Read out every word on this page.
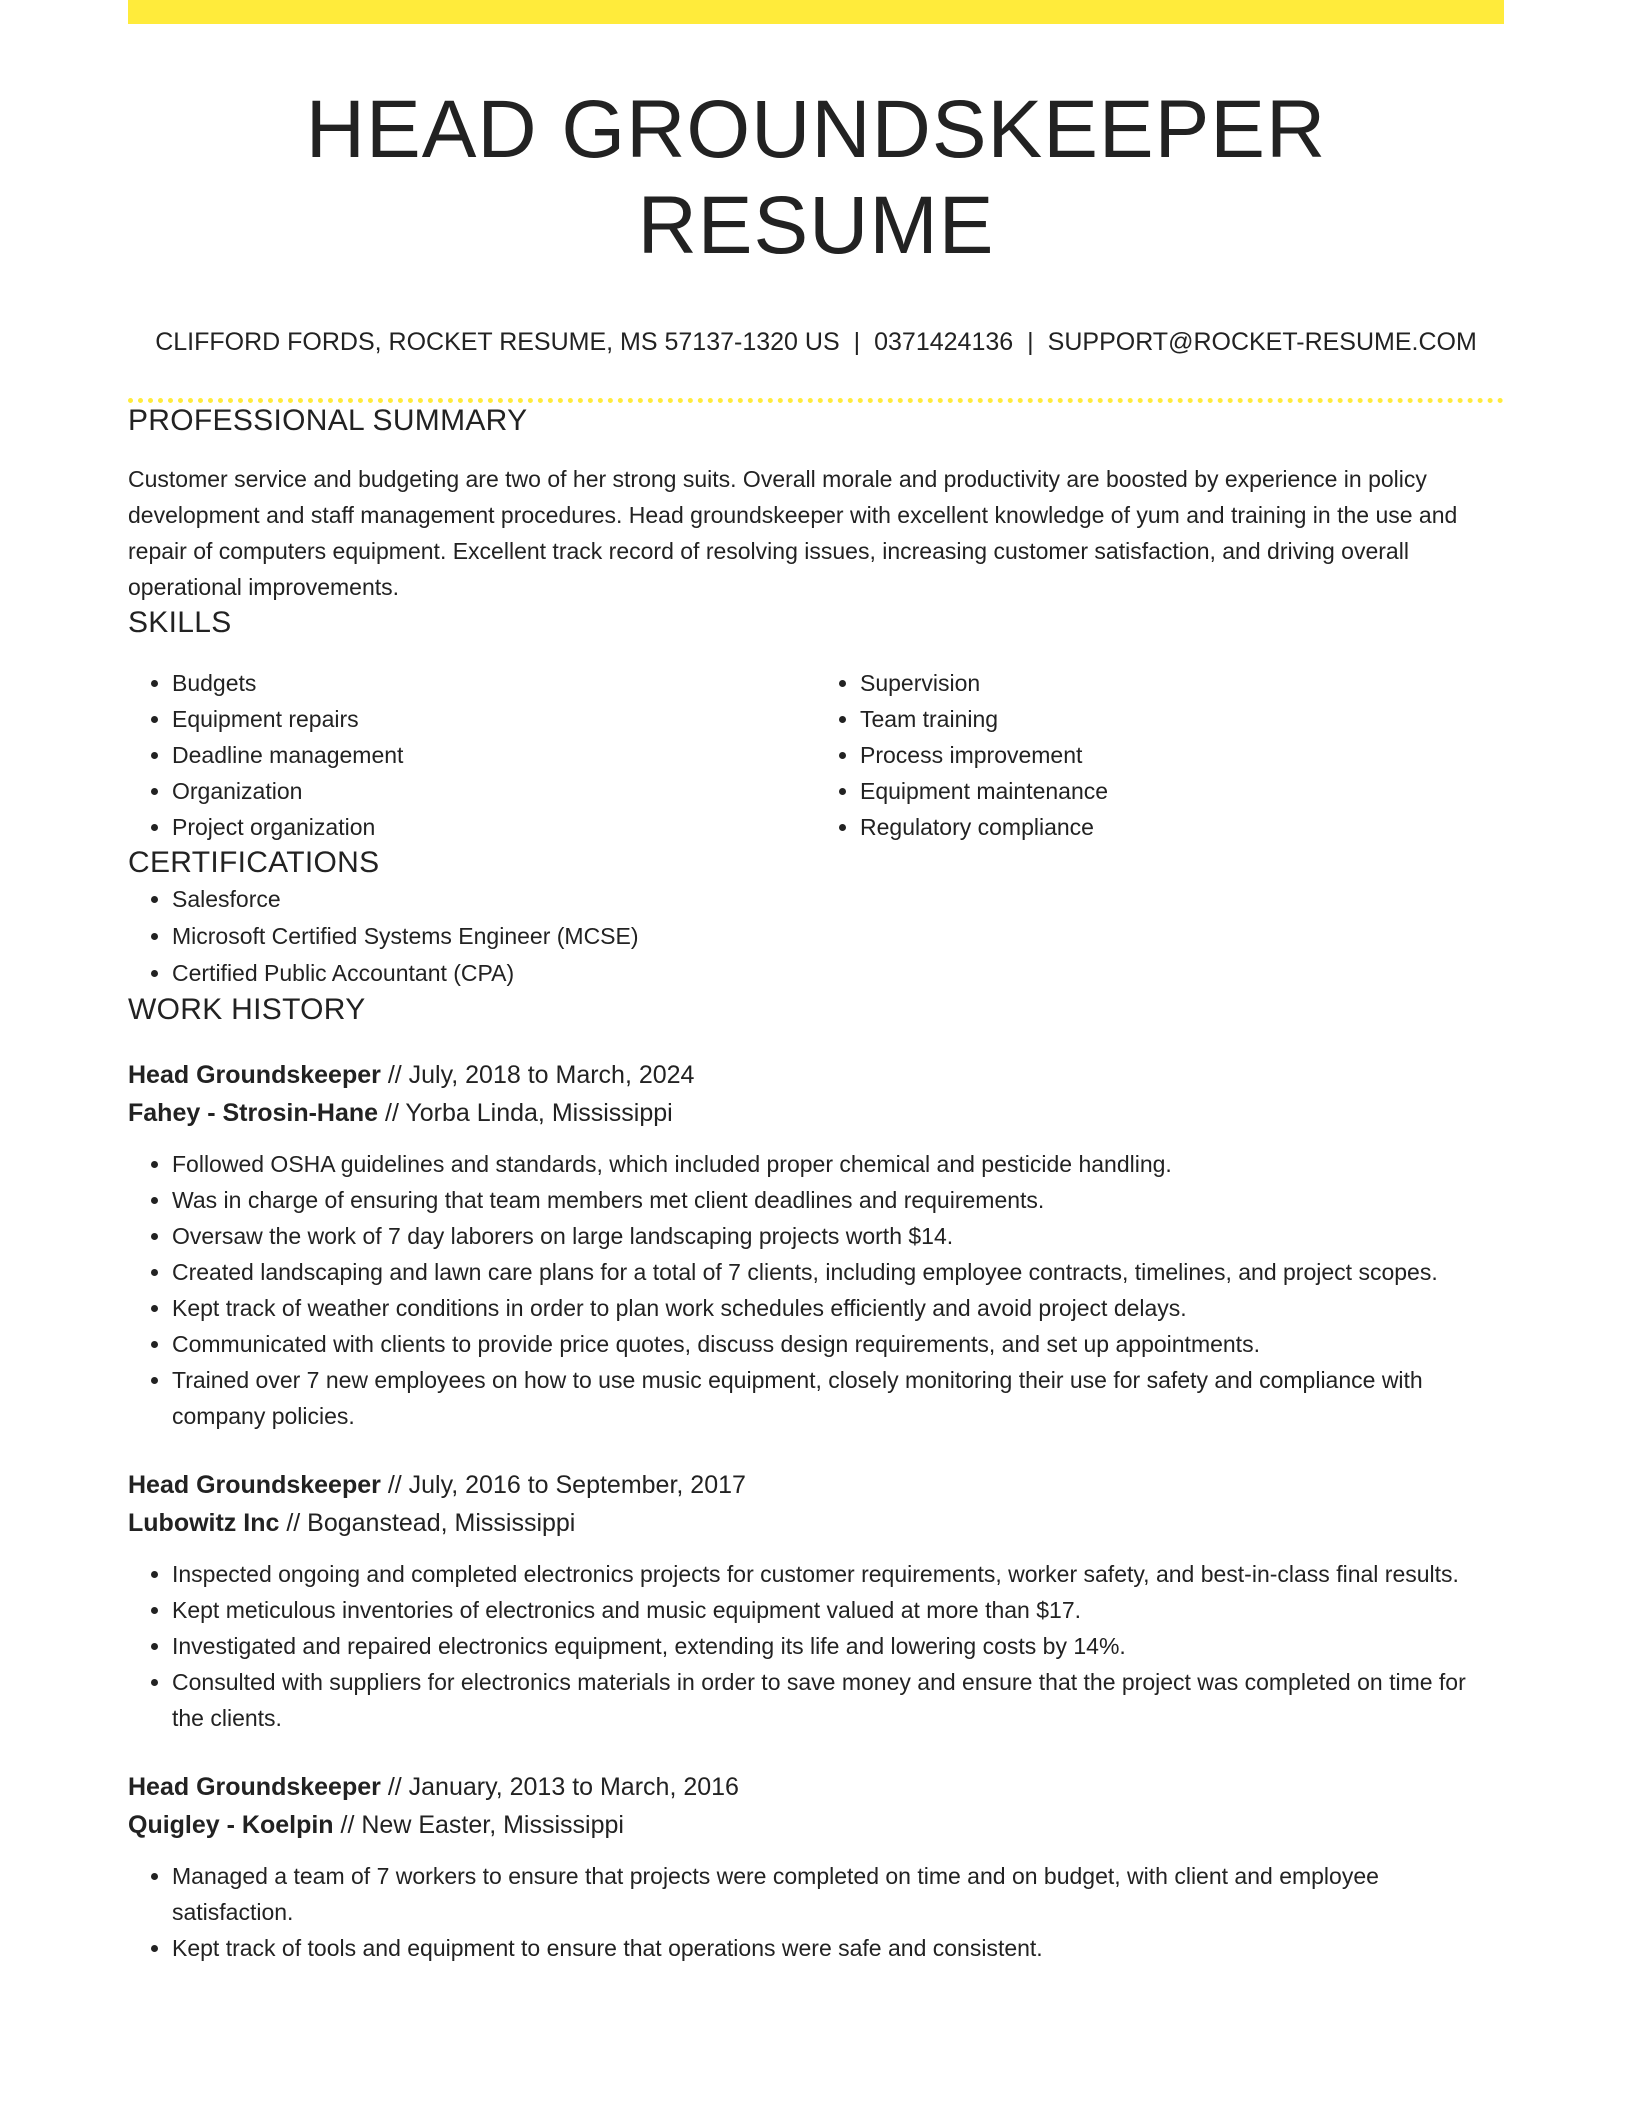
HEAD GROUNDSKEEPER RESUME
CLIFFORD FORDS, ROCKET RESUME, MS 57137-1320 US | 0371424136 | SUPPORT@ROCKET-RESUME.COM
PROFESSIONAL SUMMARY
Customer service and budgeting are two of her strong suits. Overall morale and productivity are boosted by experience in policy development and staff management procedures. Head groundskeeper with excellent knowledge of yum and training in the use and repair of computers equipment. Excellent track record of resolving issues, increasing customer satisfaction, and driving overall operational improvements.
SKILLS
• Budgets
• Equipment repairs
• Deadline management
• Organization
• Project organization
• Supervision
• Team training
• Process improvement
• Equipment maintenance
• Regulatory compliance
CERTIFICATIONS
• Salesforce
• Microsoft Certified Systems Engineer (MCSE)
• Certified Public Accountant (CPA)
WORK HISTORY
Head Groundskeeper // July, 2018 to March, 2024
Fahey - Strosin-Hane // Yorba Linda, Mississippi
• Followed OSHA guidelines and standards, which included proper chemical and pesticide handling.
• Was in charge of ensuring that team members met client deadlines and requirements.
• Oversaw the work of 7 day laborers on large landscaping projects worth $14.
• Created landscaping and lawn care plans for a total of 7 clients, including employee contracts, timelines, and project scopes.
• Kept track of weather conditions in order to plan work schedules efficiently and avoid project delays.
• Communicated with clients to provide price quotes, discuss design requirements, and set up appointments.
• Trained over 7 new employees on how to use music equipment, closely monitoring their use for safety and compliance with company policies.
Head Groundskeeper // July, 2016 to September, 2017
Lubowitz Inc // Boganstead, Mississippi
• Inspected ongoing and completed electronics projects for customer requirements, worker safety, and best-in-class final results.
• Kept meticulous inventories of electronics and music equipment valued at more than $17.
• Investigated and repaired electronics equipment, extending its life and lowering costs by 14%.
• Consulted with suppliers for electronics materials in order to save money and ensure that the project was completed on time for the clients.
Head Groundskeeper // January, 2013 to March, 2016
Quigley - Koelpin // New Easter, Mississippi
• Managed a team of 7 workers to ensure that projects were completed on time and on budget, with client and employee satisfaction.
• Kept track of tools and equipment to ensure that operations were safe and consistent.
